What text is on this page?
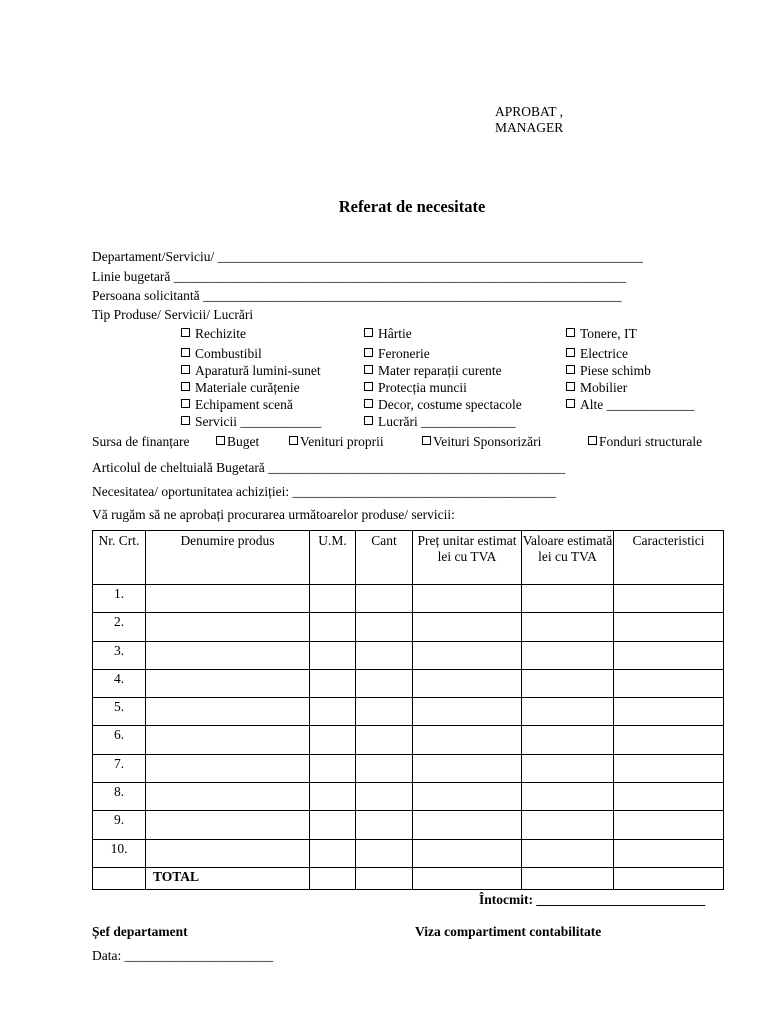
APROBAT ,
MANAGER
Referat de necesitate
Departament/Serviciu/ _______________________________________________________________
Linie bugetară ___________________________________________________________________
Persoana solicitantă ______________________________________________________________
Tip Produse/ Servicii/ Lucrări
Rechizite
Combustibil
Aparatură lumini-sunet
Materiale curățenie
Echipament scenă
Servicii ____________
Hârtie
Feronerie
Mater reparații curente
Protecția muncii
Decor, costume spectacole
Lucrări ______________
Tonere, IT
Electrice
Piese schimb
Mobilier
Alte _____________
Sursa de finanțare	Buget	Venituri proprii	Veituri Sponsorizări	Fonduri structurale
Articolul de cheltuială Bugetară ____________________________________________
Necesitatea/ oportunitatea achiziției: _______________________________________
Vă rugăm să ne aprobați procurarea următoarelor produse/ servicii:
Nr. Crt.	Denumire produs	U.M.	Cant	Preț unitar estimat lei cu TVA	Valoare estimată lei cu TVA	Caracteristici
1.						
2.						
3.						
4.						
5.						
6.						
7.						
8.						
9.						
10.						
	TOTAL					
Întocmit: _________________________
Șef departament	Viza compartiment contabilitate
Data: ______________________
